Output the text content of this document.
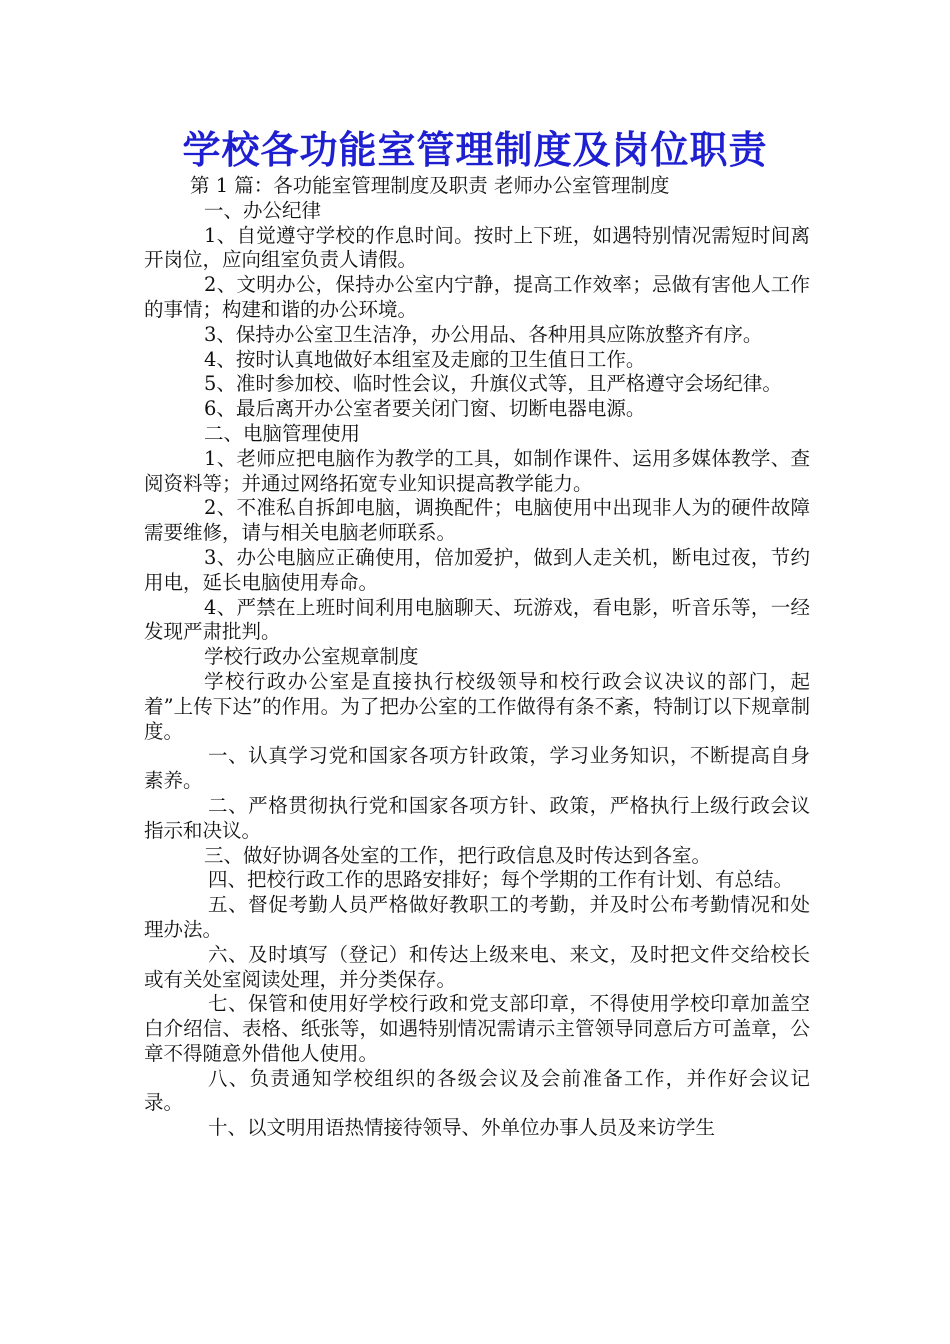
学校各功能室管理制度及岗位职责

第 1 篇：各功能室管理制度及职责 老师办公室管理制度

一、办公纪律

1、自觉遵守学校的作息时间。按时上下班，如遇特别情况需短时间离开岗位，应向组室负责人请假。

2、文明办公，保持办公室内宁静，提高工作效率；忌做有害他人工作的事情；构建和谐的办公环境。

3、保持办公室卫生洁净，办公用品、各种用具应陈放整齐有序。

4、按时认真地做好本组室及走廊的卫生值日工作。

5、准时参加校、临时性会议，升旗仪式等，且严格遵守会场纪律。

6、最后离开办公室者要关闭门窗、切断电器电源。

二、电脑管理使用

1、老师应把电脑作为教学的工具，如制作课件、运用多媒体教学、查阅资料等；并通过网络拓宽专业知识提高教学能力。

2、不准私自拆卸电脑，调换配件；电脑使用中出现非人为的硬件故障需要维修，请与相关电脑老师联系。

3、办公电脑应正确使用，倍加爱护，做到人走关机，断电过夜，节约用电，延长电脑使用寿命。

4、严禁在上班时间利用电脑聊天、玩游戏，看电影，听音乐等，一经发现严肃批判。

学校行政办公室规章制度

学校行政办公室是直接执行校级领导和校行政会议决议的部门，起着”上传下达”的作用。为了把办公室的工作做得有条不紊，特制订以下规章制度。

一、认真学习党和国家各项方针政策，学习业务知识，不断提高自身素养。

二、严格贯彻执行党和国家各项方针、政策，严格执行上级行政会议指示和决议。

三、做好协调各处室的工作，把行政信息及时传达到各室。

四、把校行政工作的思路安排好；每个学期的工作有计划、有总结。

五、督促考勤人员严格做好教职工的考勤，并及时公布考勤情况和处理办法。

六、及时填写（登记）和传达上级来电、来文，及时把文件交给校长或有关处室阅读处理，并分类保存。

七、保管和使用好学校行政和党支部印章，不得使用学校印章加盖空白介绍信、表格、纸张等，如遇特别情况需请示主管领导同意后方可盖章，公章不得随意外借他人使用。

八、负责通知学校组织的各级会议及会前准备工作，并作好会议记录。

十、以文明用语热情接待领导、外单位办事人员及来访学生
